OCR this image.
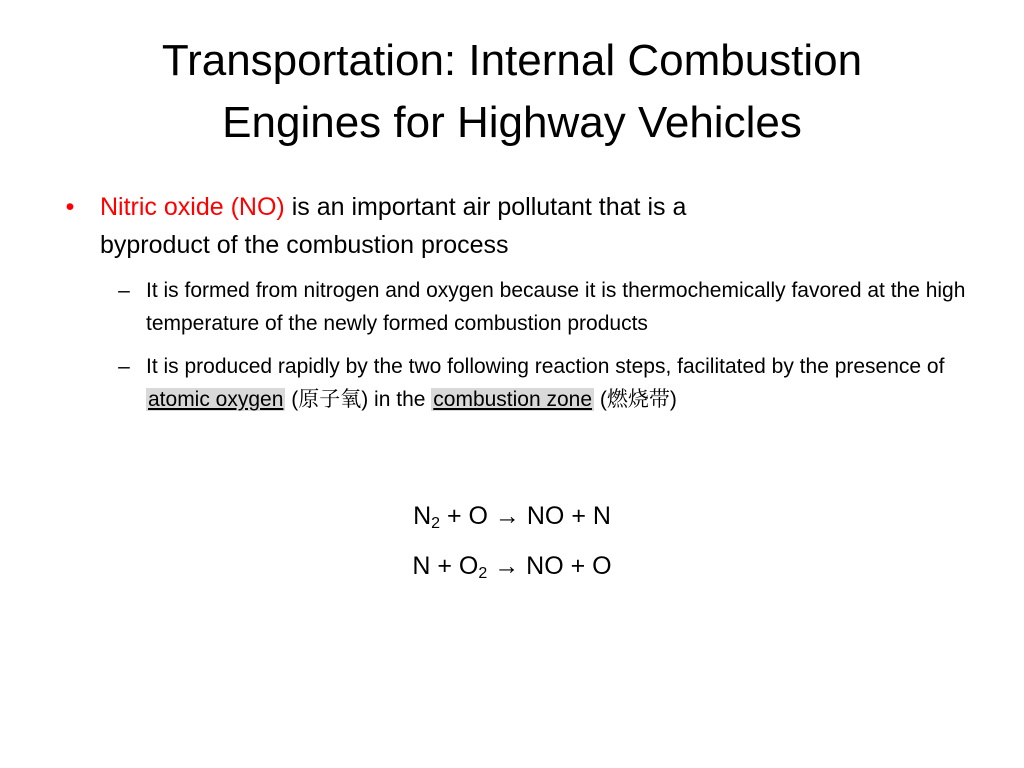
Transportation: Internal Combustion
Engines for Highway Vehicles
• Nitric oxide (NO) is an important air pollutant that is a
byproduct of the combustion process
– It is formed from nitrogen and oxygen because it is thermochemically favored at the high temperature of the newly formed combustion products
– It is produced rapidly by the two following reaction steps, facilitated by the presence of atomic oxygen (原子氧) in the combustion zone (燃烧带)
$N_2 + O$ → NO + N
$N + O_2$ → NO + O
